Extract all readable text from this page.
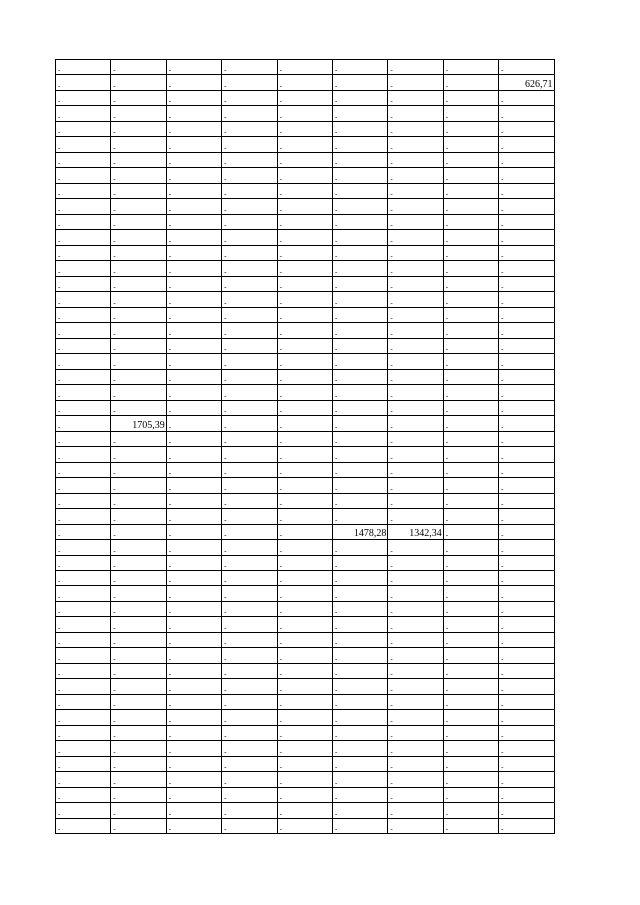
-	-	-	-	-	-	-	-	-
-	-	-	-	-	-	-	-	626,71
-	-	-	-	-	-	-	-	-
-	-	-	-	-	-	-	-	-
-	-	-	-	-	-	-	-	-
-	-	-	-	-	-	-	-	-
-	-	-	-	-	-	-	-	-
-	-	-	-	-	-	-	-	-
-	-	-	-	-	-	-	-	-
-	-	-	-	-	-	-	-	-
-	-	-	-	-	-	-	-	-
-	-	-	-	-	-	-	-	-
-	-	-	-	-	-	-	-	-
-	-	-	-	-	-	-	-	-
-	-	-	-	-	-	-	-	-
-	-	-	-	-	-	-	-	-
-	-	-	-	-	-	-	-	-
-	-	-	-	-	-	-	-	-
-	-	-	-	-	-	-	-	-
-	-	-	-	-	-	-	-	-
-	-	-	-	-	-	-	-	-
-	-	-	-	-	-	-	-	-
-	-	-	-	-	-	-	-	-
-	1705,39	-	-	-	-	-	-	-
-	-	-	-	-	-	-	-	-
-	-	-	-	-	-	-	-	-
-	-	-	-	-	-	-	-	-
-	-	-	-	-	-	-	-	-
-	-	-	-	-	-	-	-	-
-	-	-	-	-	-	-	-	-
-	-	-	-	-	1478,28	1342,34	-	-
-	-	-	-	-	-	-	-	-
-	-	-	-	-	-	-	-	-
-	-	-	-	-	-	-	-	-
-	-	-	-	-	-	-	-	-
-	-	-	-	-	-	-	-	-
-	-	-	-	-	-	-	-	-
-	-	-	-	-	-	-	-	-
-	-	-	-	-	-	-	-	-
-	-	-	-	-	-	-	-	-
-	-	-	-	-	-	-	-	-
-	-	-	-	-	-	-	-	-
-	-	-	-	-	-	-	-	-
-	-	-	-	-	-	-	-	-
-	-	-	-	-	-	-	-	-
-	-	-	-	-	-	-	-	-
-	-	-	-	-	-	-	-	-
-	-	-	-	-	-	-	-	-
-	-	-	-	-	-	-	-	-
-	-	-	-	-	-	-	-	-
